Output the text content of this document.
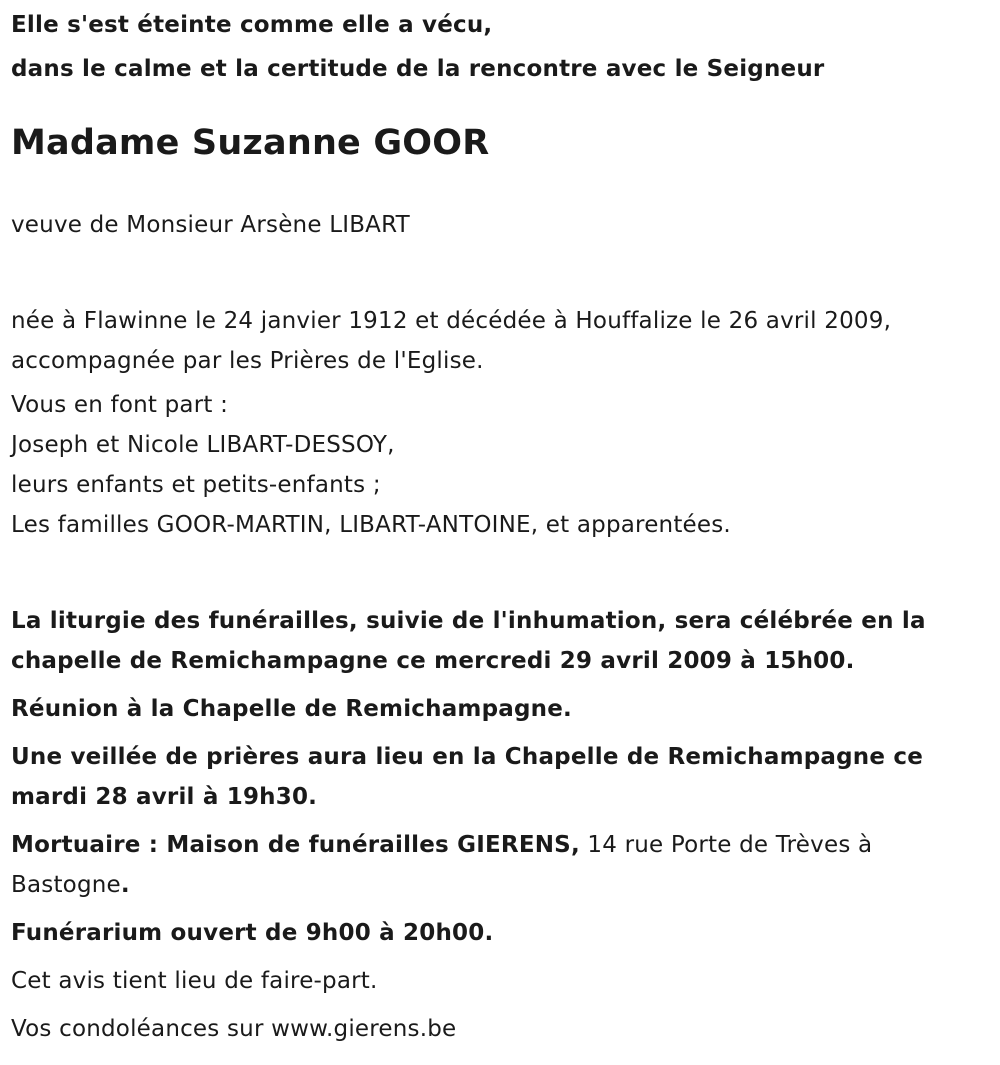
Elle s'est éteinte comme elle a vécu,

dans le calme et la certitude de la rencontre avec le Seigneur

Madame Suzanne GOOR

veuve de Monsieur Arsène LIBART

née à Flawinne le 24 janvier 1912 et décédée à Houffalize le 26 avril 2009,

accompagnée par les Prières de l'Eglise.

Vous en font part :

Joseph et Nicole LIBART-DESSOY,

leurs enfants et petits-enfants ;

Les familles GOOR-MARTIN, LIBART-ANTOINE, et apparentées.

La liturgie des funérailles, suivie de l'inhumation, sera célébrée en la chapelle de Remichampagne ce mercredi 29 avril 2009 à 15h00.

Réunion à la Chapelle de Remichampagne.

Une veillée de prières aura lieu en la Chapelle de Remichampagne ce mardi 28 avril à 19h30.

Mortuaire : Maison de funérailles GIERENS, 14 rue Porte de Trèves à Bastogne.

Funérarium ouvert de 9h00 à 20h00.

Cet avis tient lieu de faire-part.

Vos condoléances sur www.gierens.be
